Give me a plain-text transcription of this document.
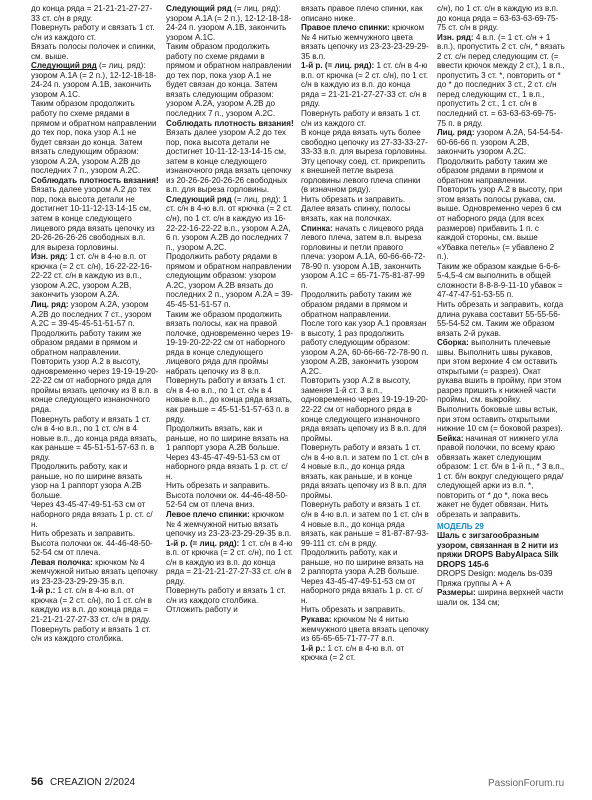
до конца ряда = 21-21-21-27-27-33 ст. с/н в ряду.

Повернуть работу и связать 1 ст. с/н из каждого ст.

Вязать полосы полочек и спинки, см. выше.

Следующий ряд (= лиц. ряд): узором A.1A (= 2 п.), 12-12-18-18-24-24 п. узором A.1B, закончить узором A.1C.

Таким образом продолжить работу по схеме рядами в прямом и обратном направлении до тех пор, пока узор A.1 не будет связан до конца. Затем вязать следующим образом: узором A.2A, узором A.2B до последних 7 п., узором A.2C.

Соблюдать плотность вязания!

Вязать далее узором A.2 до тех пор, пока высота детали не достигнет 10-11-12-13-14-15 см, затем в конце следующего лицевого ряда вязать цепочку из 20-26-26-26-26 свободных в.п. для выреза горловины.

Изн. ряд: 1 ст. с/н в 4-ю в.п. от крючка (= 2 ст. с/н), 16-22-22-16-22-22 ст. с/н в каждую из в.п., узором A.2C, узором A.2B, закончить узором A.2A.

Лиц. ряд: узором A.2A, узором A.2B до последних 7 ст., узором A.2C = 39-45-45-51-51-57 п.

Продолжить работу таким же образом рядами в прямом и обратном направлении.

Повторить узор A.2 в высоту, одновременно через 19-19-19-20-22-22 см от наборного ряда для проймы вязать цепочку из 8 в.п. в конце следующего изнаночного ряда.

Повернуть работу и вязать 1 ст. с/н в 4-ю в.п., по 1 ст. с/н в 4 новые в.п., до конца ряда вязать, как раньше = 45-51-51-57-63 п. в ряду.

Продолжить работу, как и раньше, но по ширине вязать узор на 1 раппорт узора A.2B больше.

Через 43-45-47-49-51-53 см от наборного ряда вязать 1 р. ст. с/н.

Нить обрезать и заправить.

Высота полочки ок. 44-46-48-50-52-54 см от плеча.

Левая полочка: крючком № 4 жемчужной нитью вязать цепочку из 23-23-23-29-29-35 в.п.

1-й р.: 1 ст. с/н в 4-ю в.п. от крючка (= 2 ст. с/н), по 1 ст. с/н в каждую из в.п. до конца ряда = 21-21-21-27-27-33 ст. с/н в ряду.

Повернуть работу и вязать 1 ст. с/н из каждого столбика.

Следующий ряд (= лиц. ряд): узором A.1A (= 2 п.), 12-12-18-18-24-24 п. узором A.1B, закончить узором A.1C.

Таким образом продолжить работу по схеме рядами в прямом и обратном направлении до тех пор, пока узор A.1 не будет связан до конца. Затем вязать следующим образом: узором A.2A, узором A.2B до последних 7 п., узором A.2C.

Соблюдать плотность вязания!

Вязать далее узором A.2 до тех пор, пока высота детали не достигнет 10-11-12-13-14-15 см, затем в конце следующего изнаночного ряда вязать цепочку из 20-26-26-20-26-26 свободных в.п. для выреза горловины.

Следующий ряд (= лиц. ряд): 1 ст. с/н в 4-ю в.п. от крючка (= 2 ст. с/н), по 1 ст. с/н в каждую из 16-22-22-16-22-22 в.п., узором A.2A, 6 п. узором A.2B до последних 7 п., узором A.2C.

Продолжить работу рядами в прямом и обратном направлении следующим образом: узором A.2C, узором A.2B вязать до последних 2 п., узором A.2A = 39-45-45-51-51-57 п.

Таким же образом продолжить вязать полосы, как на правой полочке, одновременно через 19-19-19-20-22-22 см от наборного ряда в конце следующего лицевого ряда для проймы набрать цепочку из 8 в.п.

Повернуть работу и вязать 1 ст. с/н в 4-ю в.п., по 1 ст. с/н в 4 новые в.п., до конца ряда вязать, как раньше = 45-51-51-57-63 п. в ряду.

Продолжить вязать, как и раньше, но по ширине вязать на 1 раппорт узора A.2B больше.

Через 43-45-47-49-51-53 см от наборного ряда вязать 1 р. ст. с/н.

Нить обрезать и заправить. Высота полочки ок. 44-46-48-50-52-54 см от плеча вниз.

Левое плечо спинки: крючком № 4 жемчужной нитью вязать цепочку из 23-23-23-29-29-35 в.п.

1-й р. (= лиц. ряд): 1 ст. с/н в 4-ю в.п. от крючка (= 2 ст. с/н), по 1 ст. с/н в каждую из в.п. до конца ряда = 21-21-21-27-27-33 ст. с/н в ряду.

Повернуть работу и вязать 1 ст. с/н из каждого столбика. Отложить работу и

вязать правое плечо спинки, как описано ниже.

Правое плечо спинки: крючком № 4 нитью жемчужного цвета вязать цепочку из 23-23-23-29-29-35 в.п.

1-й р. (= лиц. ряд): 1 ст. с/н в 4-ю в.п. от крючка (= 2 ст. с/н), по 1 ст. с/н в каждую из в.п. до конца ряда = 21-21-21-27-27-33 ст. с/н в ряду.

Повернуть работу и вязать 1 ст. с/н из каждого ст.

В конце ряда вязать чуть более свободно цепочку из 27-33-33-27-33-33 в.п. для выреза горловины. Эту цепочку соед. ст. прикрепить к внешней петле выреза горловины левого плеча спинки (в изначном ряду).

Нить обрезать и заправить.

Далее вязать спинку, полосы вязать, как на полочках.

Спинка: начать с лицевого ряда левого плеча, затем в.п. выреза горловины и петли правого плеча: узором A.1A, 60-66-66-72-78-90 п. узором A.1B, закончить узором A.1C = 65-71-75-81-87-99 п.

Продолжить работу таким же образом рядами в прямом и обратном направлении.

После того как узор A.1 провязан в высоту, 1 раз продолжить работу следующим образом: узором A.2A, 60-66-66-72-78-90 п. узором A.2B, закончить узором A.2C.

Повторить узор A.2 в высоту, заменяя 1-й ст. 3 в.п., одновременно через 19-19-19-20-22-22 см от наборного ряда в конце следующего изнаночного ряда вязать цепочку из 8 в.п. для проймы.

Повернуть работу и вязать 1 ст. с/н в 4-ю в.п. и затем по 1 ст. с/н в 4 новые в.п., до конца ряда вязать, как раньше, и в конце ряда вязать цепочку из 8 в.п. для проймы.

Повернуть работу и вязать 1 ст. с/н в 4-ю в.п. и затем по 1 ст. с/н в 4 новые в.п., до конца ряда вязать, как раньше = 81-87-87-93-99-111 ст. с/н в ряду.

Продолжить работу, как и раньше, но по ширине вязать на 2 раппорта узора A.2B больше.

Через 43-45-47-49-51-53 см от наборного ряда вязать 1 р. ст. с/н.

Нить обрезать и заправить.

Рукава: крючком № 4 нитью жемчужного цвета вязать цепочку из 65-65-65-71-77-77 в.п.

1-й р.: 1 ст. с/н в 4-ю в.п. от крючка (= 2 ст.

с/н), по 1 ст. с/н в каждую из в.п. до конца ряда = 63-63-63-69-75-75 ст. с/н в ряду.

Изн. ряд: 4 в.п. (= 1 ст. с/н + 1 в.п.), пропустить 2 ст. с/н, * вязать 2 ст. с/н перед следующим ст. (= ввести крючок между 2 ст.), 1 в.п., пропустить 3 ст. *, повторить от * до * до последних 3 ст., 2 ст. с/н перед следующим ст., 1 в.п., пропустить 2 ст., 1 ст. с/н в последний ст. = 63-63-63-69-75-75 п. в ряду.

Лиц. ряд: узором A.2A, 54-54-54-60-66-66 п. узором A.2B, закончить узором A.2C.

Продолжить работу таким же образом рядами в прямом и обратном направлении.

Повторить узор A.2 в высоту, при этом вязать полосы рукава, см. выше. Одновременно через 6 см от наборного ряда (для всех размеров) прибавить 1 п. с каждой стороны, см. выше «Убавка петель» (= убавлено 2 п.).

Таким же образом каждые 6-6-6-5-4,5-4 см выполнить в общей сложности 8-8-8-9-11-10 убавок = 47-47-47-51-53-55 п.

Нить обрезать и заправить, когда длина рукава составит 55-55-56-55-54-52 см. Таким же образом вязать 2-й рукав.

Сборка: выполнить плечевые швы. Выполнить швы рукавов, при этом верхние 4 см оставить открытыми (= разрез). Окат рукава вшить в пройму, при этом разрез пришить к нижней части проймы, см. выкройку.

Выполнить боковые швы встык, при этом оставить открытыми нижние 10 см (= боковой разрез).

Бейка: начиная от нижнего угла правой полочки, по всему краю обвязать жакет следующим образом: 1 ст. б/н в 1-й п., * 3 в.п., 1 ст. б/н вокруг следующего ряда/следующей арки из в.п. *, повторить от * до *, пока весь жакет не будет обвязан. Нить обрезать и заправить.

МОДЕЛЬ 29

Шаль с зигзагообразным узором, связанная в 2 нити из пряжи DROPS BabyAlpaca Silk

DROPS 145-6

DROPS Design: модель bs-039

Пряжа группы A + A

Размеры: ширина верхней части шали ок. 134 см;

56 CREAZION 2/2024	PassionForum.ru
